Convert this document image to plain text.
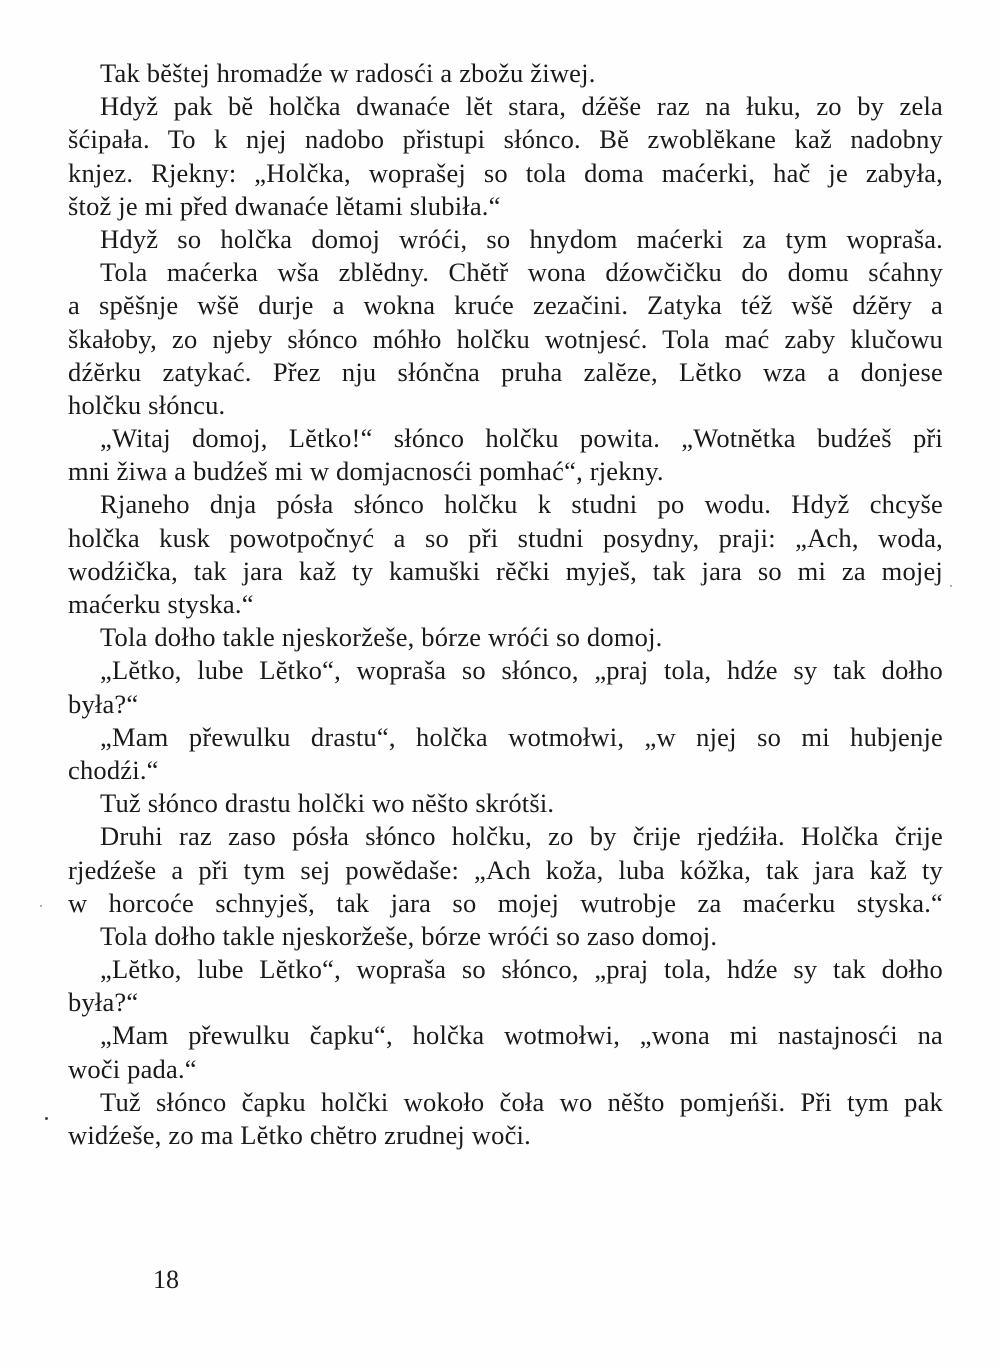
Tak bĕštej hromadźe w radosći a zbožu žiwej.
Hdyž pak bĕ holčka dwanaće lĕt stara, dźĕše raz na łuku, zo by zela
šćipała. To k njej nadobo přistupi słónco. Bĕ zwoblĕkane kaž nadobny
knjez. Rjekny: „Holčka, woprašej so tola doma maćerki, hač je zabyła,
štož je mi před dwanaće lĕtami slubiła.“
Hdyž so holčka domoj wróći, so hnydom maćerki za tym wopraša.
Tola maćerka wša zblĕdny. Chĕtř wona dźowčičku do domu sćahny
a spĕšnje wšĕ durje a wokna kruće zezačini. Zatyka též wšĕ dźĕry a
škałoby, zo njeby słónco móhło holčku wotnjesć. Tola mać zaby klučowu
dźĕrku zatykać. Přez nju słónčna pruha zalĕze, Lĕtko wza a donjese
holčku słóncu.
„Witaj domoj, Lĕtko!“ słónco holčku powita. „Wotnĕtka budźeš při
mni žiwa a budźeš mi w domjacnosći pomhać“, rjekny.
Rjaneho dnja pósła słónco holčku k studni po wodu. Hdyž chcyše
holčka kusk powotpočnyć a so při studni posydny, praji: „Ach, woda,
wodźička, tak jara kaž ty kamuški rĕčki myješ, tak jara so mi za mojej
maćerku styska.“
Tola dołho takle njeskoržeše, bórze wróći so domoj.
„Lĕtko, lube Lĕtko“, wopraša so słónco, „praj tola, hdźe sy tak dołho
była?“
„Mam přewulku drastu“, holčka wotmołwi, „w njej so mi hubjenje
chodźi.“
Tuž słónco drastu holčki wo nĕšto skrótši.
Druhi raz zaso pósła słónco holčku, zo by črije rjedźiła. Holčka črije
rjedźeše a při tym sej powĕdaše: „Ach koža, luba kóžka, tak jara kaž ty
w horcoće schnyješ, tak jara so mojej wutrobje za maćerku styska.“
Tola dołho takle njeskoržeše, bórze wróći so zaso domoj.
„Lĕtko, lube Lĕtko“, wopraša so słónco, „praj tola, hdźe sy tak dołho
była?“
„Mam přewulku čapku“, holčka wotmołwi, „wona mi nastajnosći na
woči pada.“
Tuž słónco čapku holčki wokoło čoła wo nĕšto pomjeńši. Při tym pak
widźeše, zo ma Lĕtko chĕtro zrudnej woči.
18
